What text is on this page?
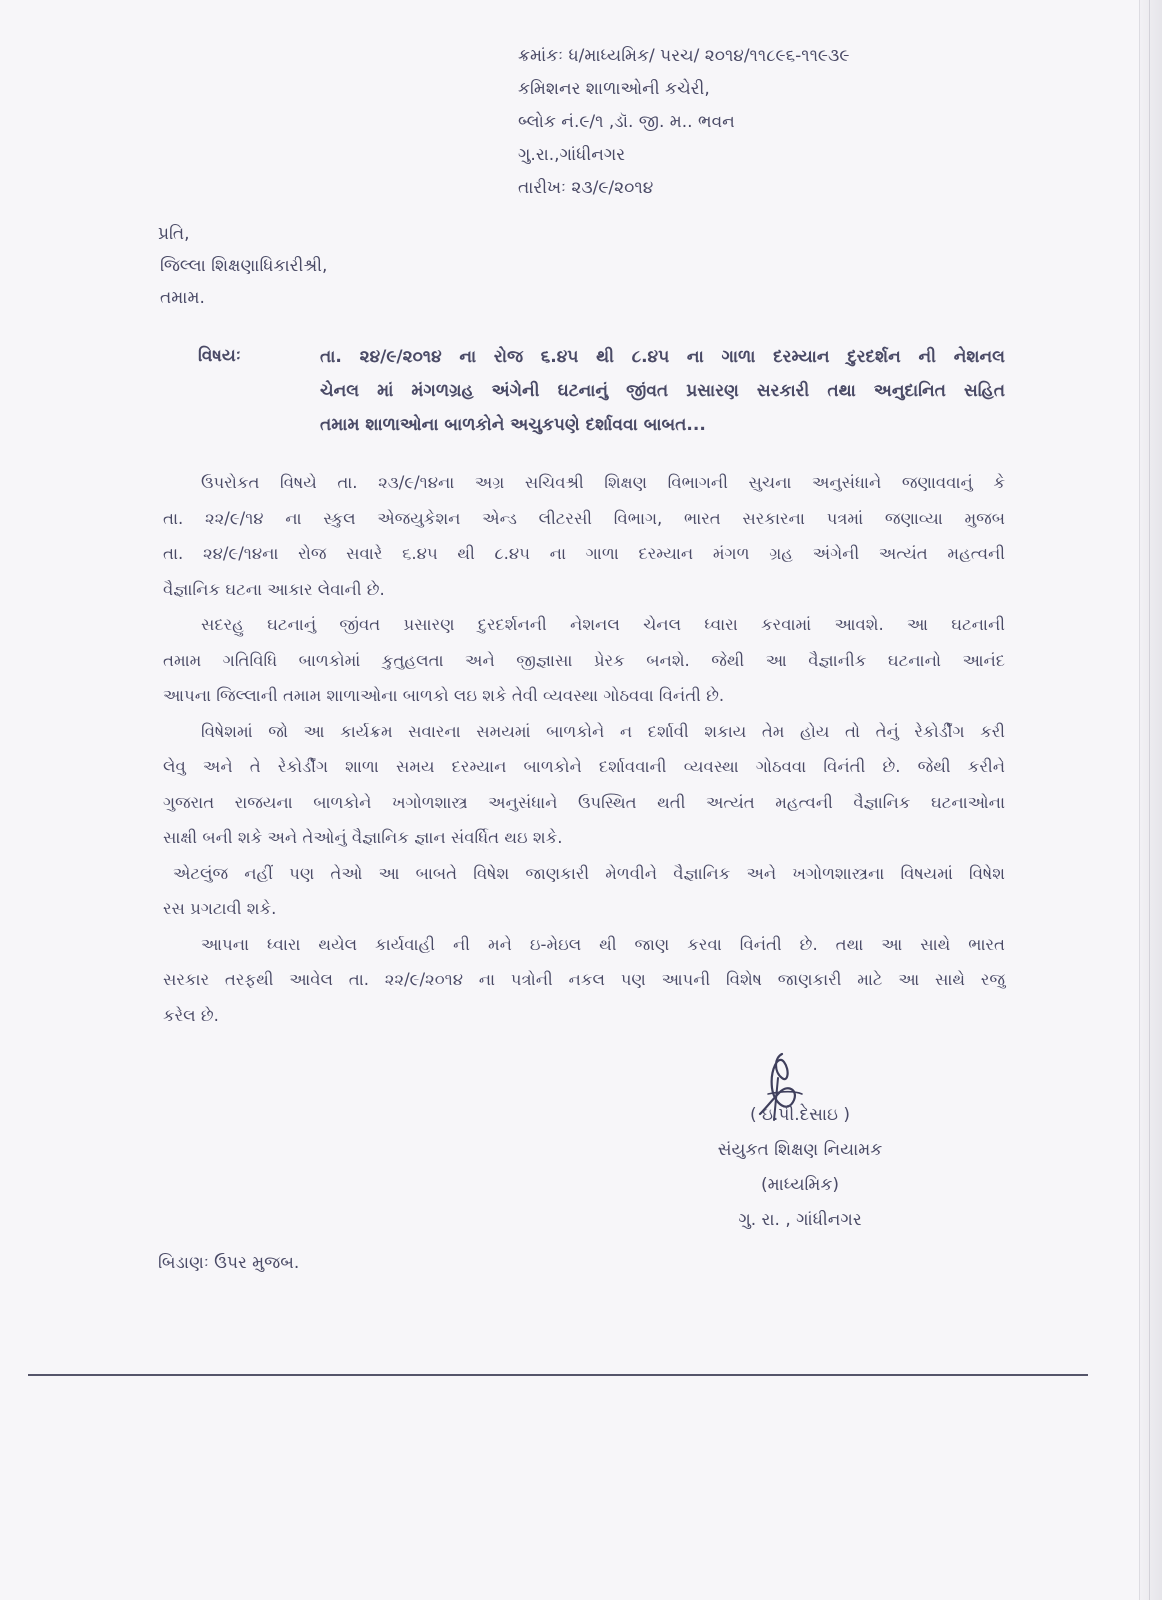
ક્રમાંકઃ ધ/માધ્યમિક/ પરચ/ ૨૦૧૪/૧૧૮૯૬-૧૧૯૩૯
કમિશનર શાળાઓની કચેરી,
બ્લોક નં.૯/૧ ,ડૉ. જી. મ.. ભવન
ગુ.રા.,ગાંધીનગર
તારીખઃ ૨૩/૯/૨૦૧૪
પ્રતિ,
જિલ્લા શિક્ષણાધિકારીશ્રી,
તમામ.
વિષયઃ	તા. ૨૪/૯/૨૦૧૪ ના રોજ ૬.૪૫ થી ૮.૪૫ ના ગાળા દરમ્યાન દુરદર્શન ની નેશનલ
ચેનલ માં મંગળગ્રહ અંગેની ઘટનાનું જીંવત પ્રસારણ સરકારી તથા અનુદાનિત સહિત
તમામ શાળાઓના બાળકોને અચુકપણે દર્શાવવા બાબત...
ઉપરોકત વિષયે તા. ૨૩/૯/૧૪ના અગ્ર સચિવશ્રી શિક્ષણ વિભાગની સુચના અનુસંધાને જણાવવાનું કે
તા. ૨૨/૯/૧૪ ના સ્કુલ એજયુકેશન એન્ડ લીટરસી વિભાગ, ભારત સરકારના પત્રમાં જણાવ્યા મુજબ
તા. ૨૪/૯/૧૪ના રોજ સવારે ૬.૪૫ થી ૮.૪૫ ના ગાળા દરમ્યાન મંગળ ગ્રહ અંગેની અત્યંત મહત્વની
વૈજ્ઞાનિક ઘટના આકાર લેવાની છે.
સદરહુ ઘટનાનું જીંવત પ્રસારણ દુરદર્શનની નેશનલ ચેનલ ધ્વારા કરવામાં આવશે. આ ઘટનાની
તમામ ગતિવિધિ બાળકોમાં કુતુહલતા અને જીજ્ઞાસા પ્રેરક બનશે. જેથી આ વૈજ્ઞાનીક ઘટનાનો આનંદ
આપના જિલ્લાની તમામ શાળાઓના બાળકો લઇ શકે તેવી વ્યવસ્થા ગોઠવવા વિનંતી છે.
વિષેશમાં જો આ કાર્યક્રમ સવારના સમયમાં બાળકોને ન દર્શાવી શકાય તેમ હોય તો તેનું રેકોર્ડીંગ કરી
લેવુ અને તે રેકોર્ડીંગ શાળા સમય દરમ્યાન બાળકોને દર્શાવવાની વ્યવસ્થા ગોઠવવા વિનંતી છે. જેથી કરીને
ગુજરાત રાજયના બાળકોને ખગોળશાસ્ત્ર અનુસંધાને ઉપસ્થિત થતી અત્યંત મહત્વની વૈજ્ઞાનિક ઘટનાઓના
સાક્ષી બની શકે અને તેઓનું વૈજ્ઞાનિક જ્ઞાન સંવર્ધિત થઇ શકે.
એટલુંજ નહીં પણ તેઓ આ બાબતે વિષેશ જાણકારી મેળવીને વૈજ્ઞાનિક અને ખગોળશાસ્ત્રના વિષયમાં વિષેશ
રસ પ્રગટાવી શકે.
આપના ધ્વારા થયેલ કાર્યવાહી ની મને ઇ-મેઇલ થી જાણ કરવા વિનંતી છે. તથા આ સાથે ભારત
સરકાર તરફથી આવેલ તા. ૨૨/૯/૨૦૧૪ ના પત્રોની નકલ પણ આપની વિશેષ જાણકારી માટે આ સાથે રજુ
કરેલ છે.
( ઇ.પી.દેસાઇ )
સંયુકત શિક્ષણ નિયામક
(માધ્યમિક)
ગુ. રા. , ગાંધીનગર
બિડાણઃ ઉપર મુજબ.
